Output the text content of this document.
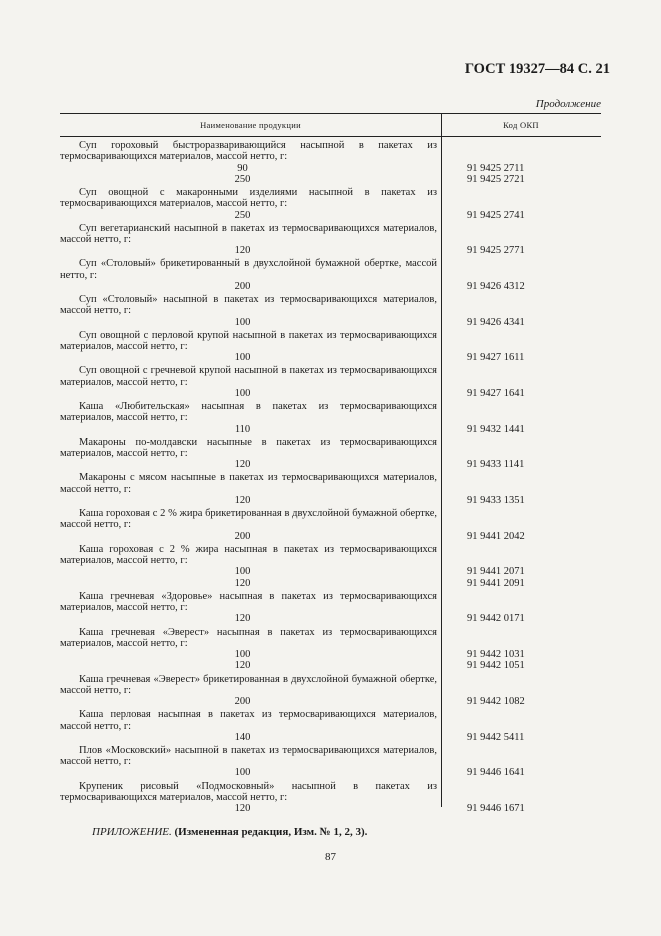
ГОСТ 19327—84 С. 21
Продолжение
Наименование продукции	Код ОКП
Суп гороховый быстроразваривающийся насыпной в пакетах из термосваривающихся материалов, массой нетто, г:
90	91 9425 2711
250	91 9425 2721
Суп овощной с макаронными изделиями насыпной в пакетах из термосваривающихся материалов, массой нетто, г:
250	91 9425 2741
Суп вегетарианский насыпной в пакетах из термосваривающихся материалов, массой нетто, г:
120	91 9425 2771
Суп «Столовый» брикетированный в двухслойной бумажной обертке, массой нетто, г:
200	91 9426 4312
Суп «Столовый» насыпной в пакетах из термосваривающихся материалов, массой нетто, г:
100	91 9426 4341
Суп овощной с перловой крупой насыпной в пакетах из термосваривающихся материалов, массой нетто, г:
100	91 9427 1611
Суп овощной с гречневой крупой насыпной в пакетах из термосваривающихся материалов, массой нетто, г:
100	91 9427 1641
Каша «Любительская» насыпная в пакетах из термосваривающихся материалов, массой нетто, г:
110	91 9432 1441
Макароны по-молдавски насыпные в пакетах из термосваривающихся материалов, массой нетто, г:
120	91 9433 1141
Макароны с мясом насыпные в пакетах из термосваривающихся материалов, массой нетто, г:
120	91 9433 1351
Каша гороховая с 2 % жира брикетированная в двухслойной бумажной обертке, массой нетто, г:
200	91 9441 2042
Каша гороховая с 2 % жира насыпная в пакетах из термосваривающихся материалов, массой нетто, г:
100	91 9441 2071
120	91 9441 2091
Каша гречневая «Здоровье» насыпная в пакетах из термосваривающихся материалов, массой нетто, г:
120	91 9442 0171
Каша гречневая «Эверест» насыпная в пакетах из термосваривающихся материалов, массой нетто, г:
100	91 9442 1031
120	91 9442 1051
Каша гречневая «Эверест» брикетированная в двухслойной бумажной обертке, массой нетто, г:
200	91 9442 1082
Каша перловая насыпная в пакетах из термосваривающихся материалов, массой нетто, г:
140	91 9442 5411
Плов «Московский» насыпной в пакетах из термосваривающихся материалов, массой нетто, г:
100	91 9446 1641
Крупеник рисовый «Подмосковный» насыпной в пакетах из термосваривающихся материалов, массой нетто, г:
120	91 9446 1671
ПРИЛОЖЕНИЕ. (Измененная редакция, Изм. № 1, 2, 3).
87
